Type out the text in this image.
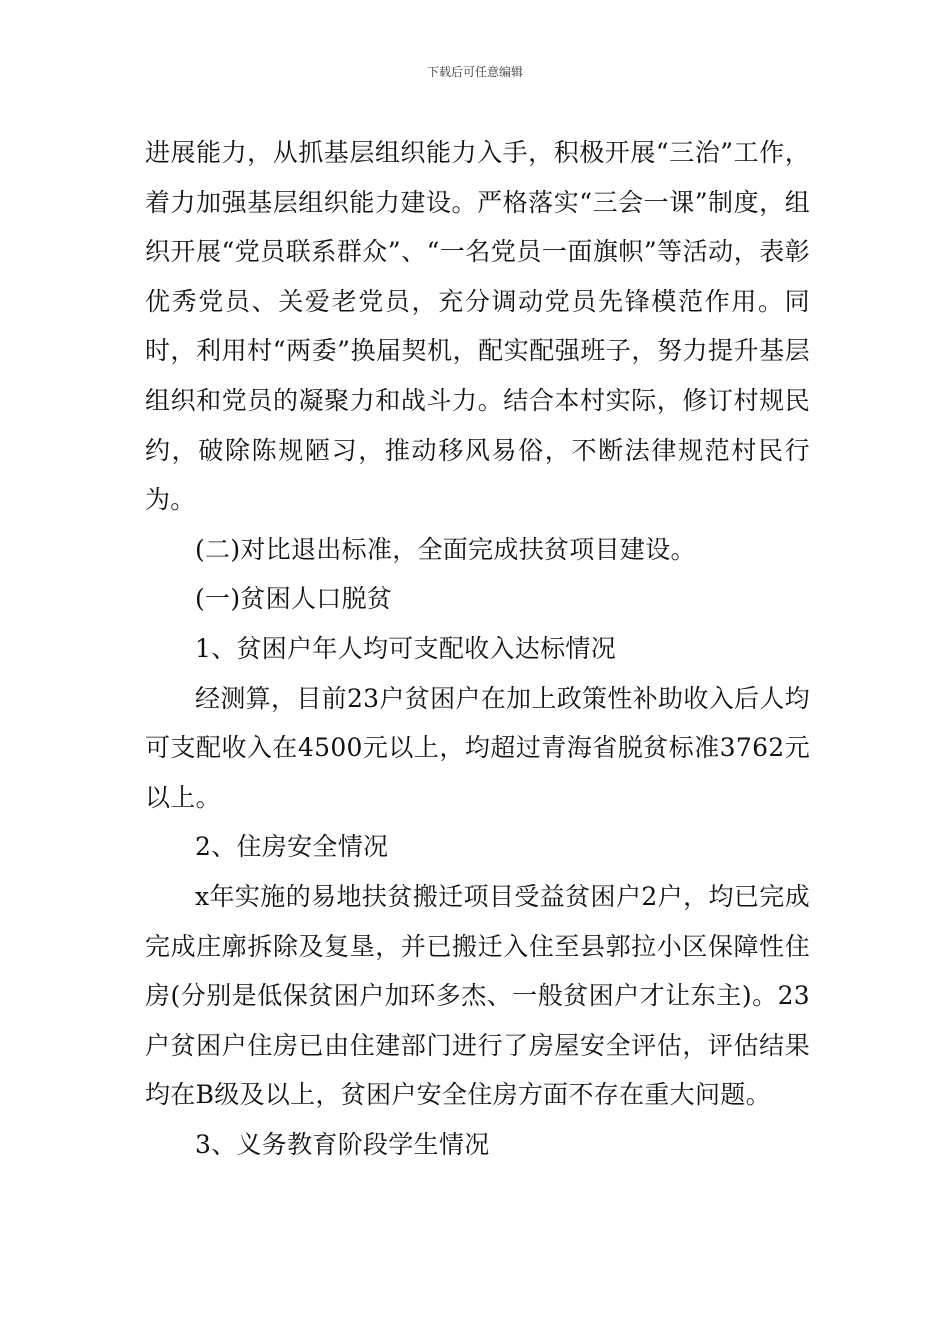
下载后可任意编辑

进展能力，从抓基层组织能力入手，积极开展“三治”工作，着力加强基层组织能力建设。严格落实“三会一课”制度，组织开展“党员联系群众”、“一名党员一面旗帜”等活动，表彰优秀党员、关爱老党员，充分调动党员先锋模范作用。同时，利用村“两委”换届契机，配实配强班子，努力提升基层组织和党员的凝聚力和战斗力。结合本村实际，修订村规民约，破除陈规陋习，推动移风易俗，不断法律规范村民行为。

(二)对比退出标准，全面完成扶贫项目建设。

(一)贫困人口脱贫

1、贫困户年人均可支配收入达标情况

经测算，目前23户贫困户在加上政策性补助收入后人均可支配收入在4500元以上，均超过青海省脱贫标准3762元以上。

2、住房安全情况

x年实施的易地扶贫搬迁项目受益贫困户2户，均已完成完成庄廓拆除及复垦，并已搬迁入住至县郭拉小区保障性住房(分别是低保贫困户加环多杰、一般贫困户才让东主)。23户贫困户住房已由住建部门进行了房屋安全评估，评估结果均在B级及以上，贫困户安全住房方面不存在重大问题。

3、义务教育阶段学生情况
